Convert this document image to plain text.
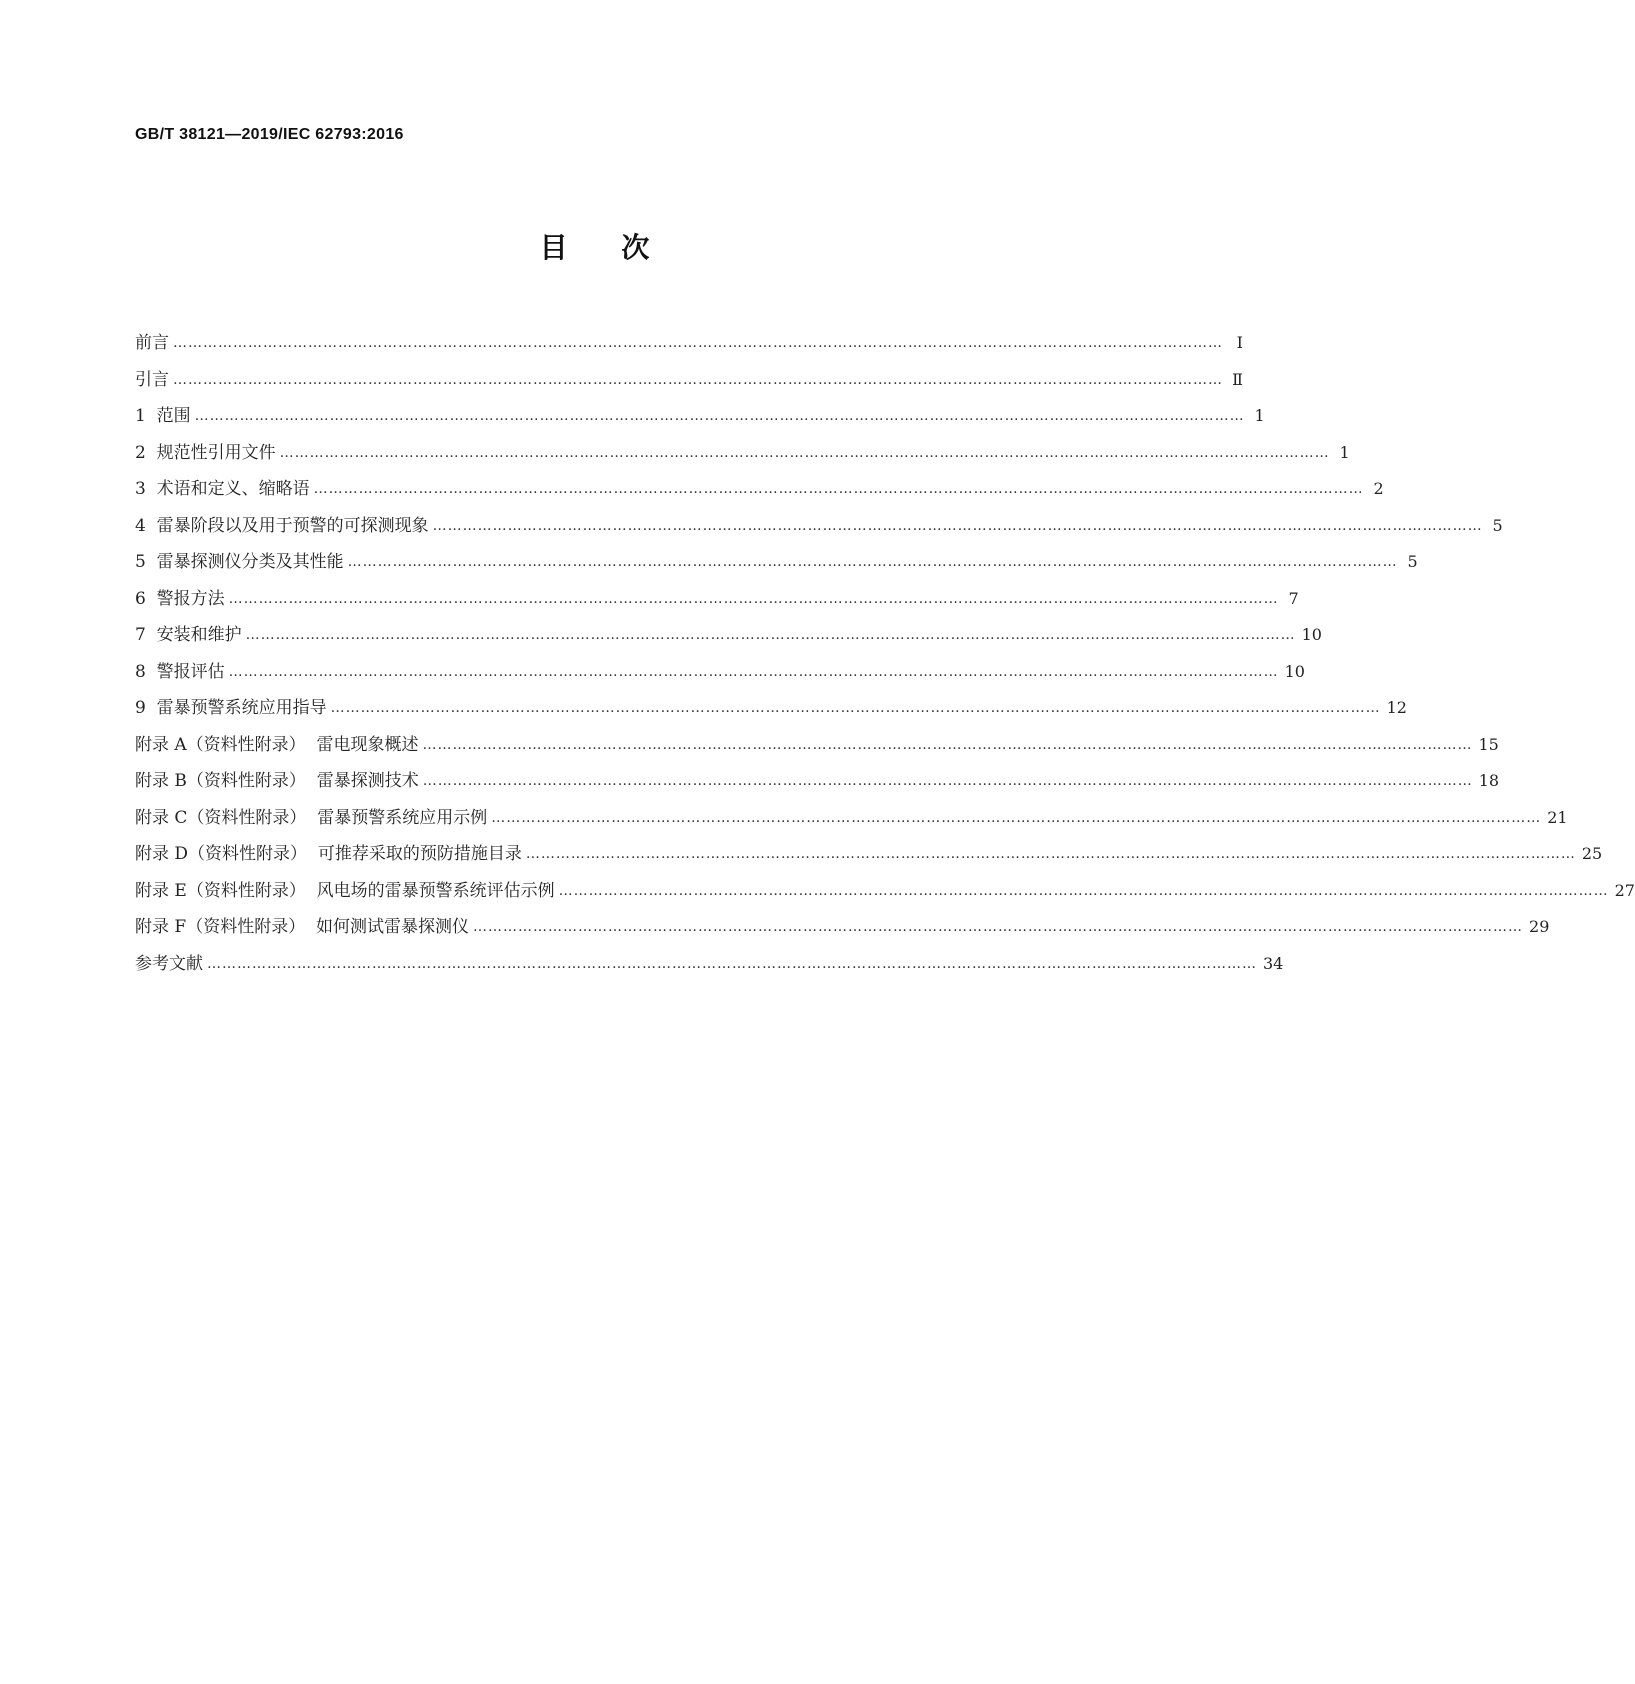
GB/T 38121—2019/IEC 62793:2016
目 次
前言 ………………………………………………………………………………………………………………………………………………………………………………………… Ⅰ
引言 ………………………………………………………………………………………………………………………………………………………………………………………… Ⅱ
1  范围 ………………………………………………………………………………………………………………………………………………………………………………………… 1
2  规范性引用文件 ………………………………………………………………………………………………………………………………………………………………………………………… 1
3  术语和定义、缩略语 ………………………………………………………………………………………………………………………………………………………………………………………… 2
4  雷暴阶段以及用于预警的可探测现象 ………………………………………………………………………………………………………………………………………………………………………………………… 5
5  雷暴探测仪分类及其性能 ………………………………………………………………………………………………………………………………………………………………………………………… 5
6  警报方法 ………………………………………………………………………………………………………………………………………………………………………………………… 7
7  安装和维护 ………………………………………………………………………………………………………………………………………………………………………………………… 10
8  警报评估 ………………………………………………………………………………………………………………………………………………………………………………………… 10
9  雷暴预警系统应用指导 ………………………………………………………………………………………………………………………………………………………………………………………… 12
附录 A（资料性附录）  雷电现象概述 ………………………………………………………………………………………………………………………………………………………………………………………… 15
附录 B（资料性附录）  雷暴探测技术 ………………………………………………………………………………………………………………………………………………………………………………………… 18
附录 C（资料性附录）  雷暴预警系统应用示例 ………………………………………………………………………………………………………………………………………………………………………………………… 21
附录 D（资料性附录）  可推荐采取的预防措施目录 ………………………………………………………………………………………………………………………………………………………………………………………… 25
附录 E（资料性附录）  风电场的雷暴预警系统评估示例 ………………………………………………………………………………………………………………………………………………………………………………………… 27
附录 F（资料性附录）  如何测试雷暴探测仪 ………………………………………………………………………………………………………………………………………………………………………………………… 29
参考文献 ………………………………………………………………………………………………………………………………………………………………………………………… 34
